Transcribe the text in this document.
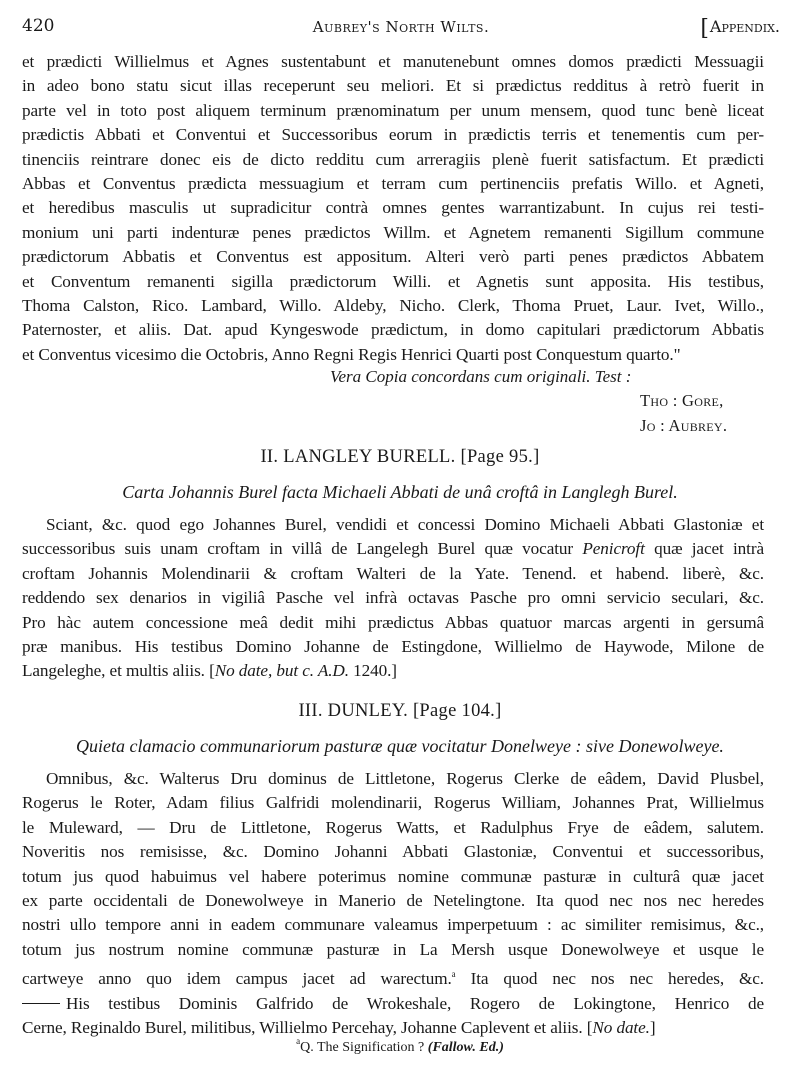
420	Aubrey's North Wilts.	[Appendix.
et prædicti Willielmus et Agnes sustentabunt et manutenebunt omnes domos prædicti Messuagii
in adeo bono statu sicut illas receperunt seu meliori. Et si prædictus redditus à retrò fuerit in
parte vel in toto post aliquem terminum prænominatum per unum mensem, quod tunc benè liceat
prædictis Abbati et Conventui et Successoribus eorum in prædictis terris et tenementis cum per-
tinenciis reintrare donec eis de dicto redditu cum arreragiis plenè fuerit satisfactum. Et prædicti
Abbas et Conventus prædicta messuagium et terram cum pertinenciis prefatis Willo. et Agneti,
et heredibus masculis ut supradicitur contrà omnes gentes warrantizabunt. In cujus rei testi-
monium uni parti indenturæ penes prædictos Willm. et Agnetem remanenti Sigillum commune
prædictorum Abbatis et Conventus est appositum. Alteri verò parti penes prædictos Abbatem
et Conventum remanenti sigilla prædictorum Willi. et Agnetis sunt apposita. His testibus,
Thoma Calston, Rico. Lambard, Willo. Aldeby, Nicho. Clerk, Thoma Pruet, Laur. Ivet, Willo.,
Paternoster, et aliis. Dat. apud Kyngeswode prædictum, in domo capitulari prædictorum Abbatis
et Conventus vicesimo die Octobris, Anno Regni Regis Henrici Quarti post Conquestum quarto."
Vera Copia concordans cum originali. Test :
Tho : Gore,
Jo : Aubrey.
II. LANGLEY BURELL. [Page 95.]
Carta Johannis Burel facta Michaeli Abbati de unâ croftâ in Langlegh Burel.
Sciant, &c. quod ego Johannes Burel, vendidi et concessi Domino Michaeli Abbati Glastoniæ et
successoribus suis unam croftam in villâ de Langelegh Burel quæ vocatur Penicroft quæ jacet intrà
croftam Johannis Molendinarii & croftam Walteri de la Yate. Tenend. et habend. liberè, &c.
reddendo sex denarios in vigiliâ Pasche vel infrà octavas Pasche pro omni servicio seculari, &c.
Pro hàc autem concessione meâ dedit mihi prædictus Abbas quatuor marcas argenti in gersumâ
præ manibus. His testibus Domino Johanne de Estingdone, Willielmo de Haywode, Milone de
Langeleghe, et multis aliis. [No date, but c. A.D. 1240.]
III. DUNLEY. [Page 104.]
Quieta clamacio communariorum pasturæ quæ vocitatur Donelweye : sive Donewolweye.
Omnibus, &c. Walterus Dru dominus de Littletone, Rogerus Clerke de eâdem, David Plusbel,
Rogerus le Roter, Adam filius Galfridi molendinarii, Rogerus William, Johannes Prat, Willielmus
le Muleward, — Dru de Littletone, Rogerus Watts, et Radulphus Frye de eâdem, salutem.
Noveritis nos remisisse, &c. Domino Johanni Abbati Glastoniæ, Conventui et successoribus,
totum jus quod habuimus vel habere poterimus nomine communæ pasturæ in culturâ quæ jacet
ex parte occidentali de Donewolweye in Manerio de Netelingtone. Ita quod nec nos nec heredes
nostri ullo tempore anni in eadem communare valeamus imperpetuum : ac similiter remisimus, &c.,
totum jus nostrum nomine communæ pasturæ in La Mersh usque Donewolweye et usque le
cartweye anno quo idem campus jacet ad warectum.$^a$ Ita quod nec nos nec heredes, &c.
His testibus Dominis Galfrido de Wrokeshale, Rogero de Lokingtone, Henrico de
Cerne, Reginaldo Burel, militibus, Willielmo Percehay, Johanne Caplevent et aliis. [No date.]
$^a$Q. The Signification ? (Fallow. Ed.)
